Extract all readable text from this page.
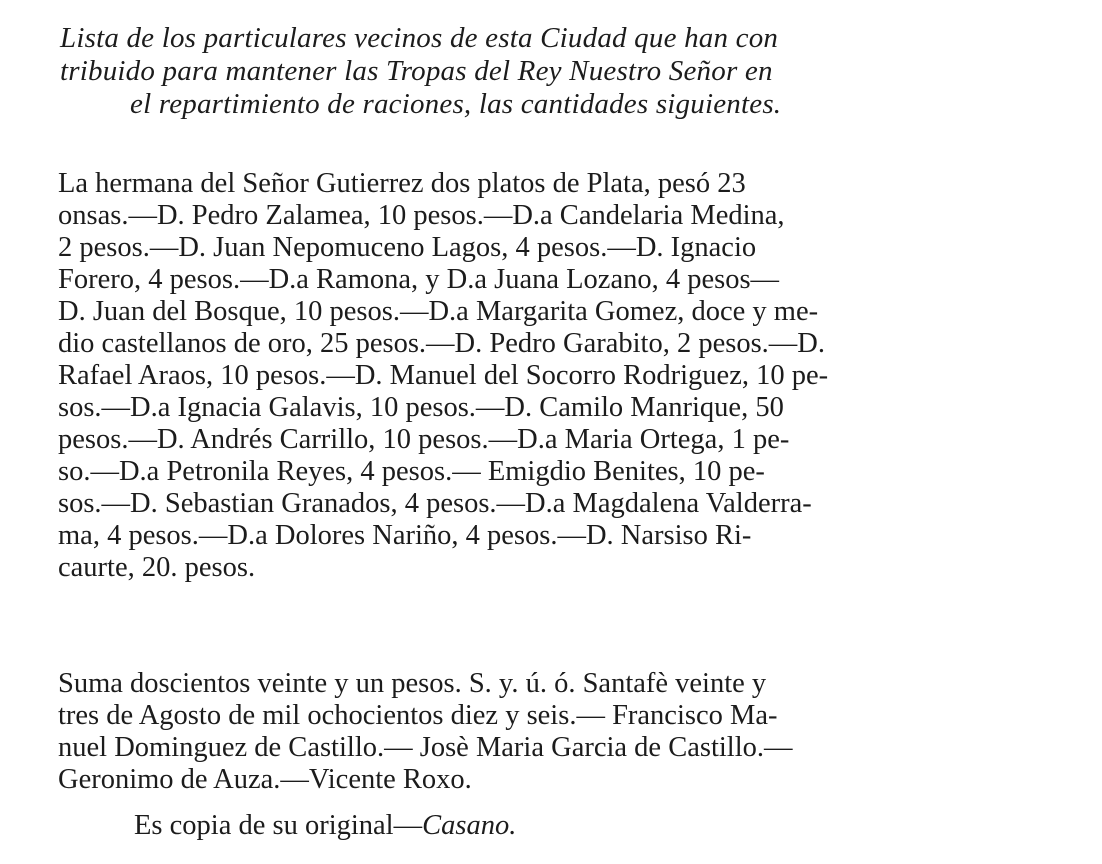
Lista de los particulares vecinos de esta Ciudad que han con
tribuido para mantener las Tropas del Rey Nuestro Señor en
el repartimiento de raciones, las cantidades siguientes.
La hermana del Señor Gutierrez dos platos de Plata, pesó 23
onsas.—D. Pedro Zalamea, 10 pesos.—D.a Candelaria Medina,
2 pesos.—D. Juan Nepomuceno Lagos, 4 pesos.—D. Ignacio
Forero, 4 pesos.—D.a Ramona, y D.a Juana Lozano, 4 pesos—
D. Juan del Bosque, 10 pesos.—D.a Margarita Gomez, doce y me-
dio castellanos de oro, 25 pesos.—D. Pedro Garabito, 2 pesos.—D.
Rafael Araos, 10 pesos.—D. Manuel del Socorro Rodriguez, 10 pe-
sos.—D.a Ignacia Galavis, 10 pesos.—D. Camilo Manrique, 50
pesos.—D. Andrés Carrillo, 10 pesos.—D.a Maria Ortega, 1 pe-
so.—D.a Petronila Reyes, 4 pesos.— Emigdio Benites, 10 pe-
sos.—D. Sebastian Granados, 4 pesos.—D.a Magdalena Valderra-
ma, 4 pesos.—D.a Dolores Nariño, 4 pesos.—D. Narsiso Ri-
caurte, 20. pesos.
Suma doscientos veinte y un pesos. S. y. ú. ó. Santafè veinte y
tres de Agosto de mil ochocientos diez y seis.— Francisco Ma-
nuel Dominguez de Castillo.— Josè Maria Garcia de Castillo.—
Geronimo de Auza.—Vicente Roxo.
Es copia de su original—Casano.
